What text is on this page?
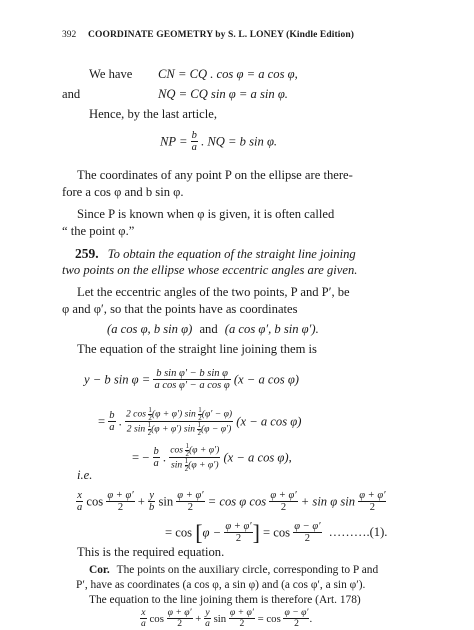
392 COORDINATE GEOMETRY by S. L. LONEY (Kindle Edition)
We have CN = CQ . cos φ = a cos φ,
and	NQ = CQ sin φ = a sin φ.
Hence, by the last article,
NP = $\frac{b}{a}$ . NQ = b sin φ.
The coordinates of any point P on the ellipse are there-
fore a cos φ and b sin φ.
Since P is known when φ is given, it is often called
“ the point φ.”
259. To obtain the equation of the straight line joining
two points on the ellipse whose eccentric angles are given.
Let the eccentric angles of the two points, P and P′, be
φ and φ′, so that the points have as coordinates
(a cos φ, b sin φ) and (a cos φ′, b sin φ′).
The equation of the straight line joining them is
y − b $\sin \varphi = \frac{\text{b sin φ′ − b sin φ}}{\text{a cos φ′ − a cos φ}} (x - a$ cos φ)
= $\frac{b}{a}$ . $\frac{2 \cos \frac{1}{2} (\varphi + \varphi') \sin \frac{1}{2} (\varphi' - \varphi)}{2 \sin \frac{1}{2} (\varphi + \varphi') \sin \frac{1}{2} (\varphi - \varphi')} (x - a$ cos φ)
= − $\frac{b}{a}$ . $\frac{\cos \frac{1}{2} (\varphi + \varphi')}{\sin \frac{1}{2} (\varphi + \varphi')} (x - a$ cos φ),
i.e.
$\frac{x}{a}$ $\cos \frac{\varphi + \varphi'}{2} + \frac{y}{b}$ $\sin \frac{\varphi + \varphi'}{2} = \cos \varphi$ $\cos \frac{\varphi + \varphi'}{2} + \sin \varphi$ $\sin \frac{\varphi + \varphi'}{2}$
= $\cos [\varphi - \frac{\varphi + \varphi'}{2}$ ] = $\cos \frac{\varphi - \varphi'}{2}$ ……….(1).
This is the required equation.
Cor. The points on the auxiliary circle, corresponding to P and
P′, have as coordinates (a cos φ, a sin φ) and (a cos φ′, a sin φ′).
The equation to the line joining them is therefore (Art. 178)
$\frac{x}{a}$ $\cos \frac{\varphi + \varphi'}{2} + \frac{y}{a}$ $\sin \frac{\varphi + \varphi'}{2} = \cos \frac{\varphi - \varphi'}{2}$ .
